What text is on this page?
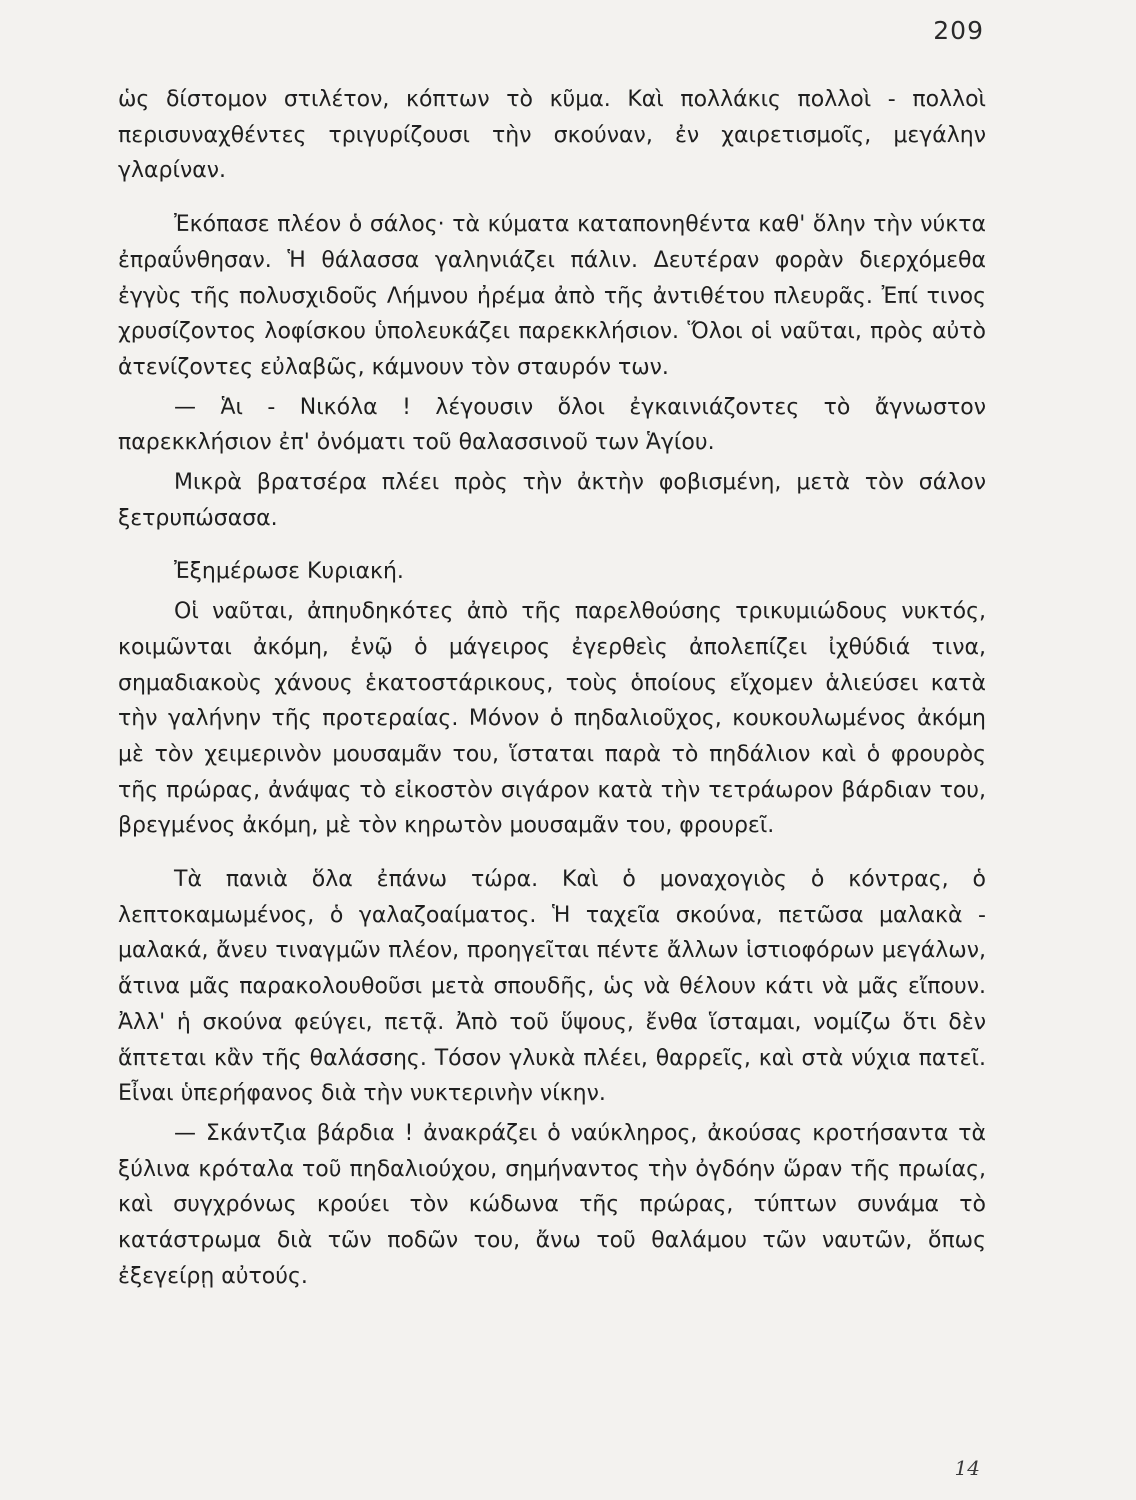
209

ὡς δίστομον στιλέτον, κόπτων τὸ κῦμα. Καὶ πολλάκις πολλοὶ - πολλοὶ περισυναχθέντες τριγυρίζουσι τὴν σκούναν, ἐν χαιρετισμοῖς, μεγάλην γλαρίναν.

Ἐκόπασε πλέον ὁ σάλος· τὰ κύματα καταπονηθέντα καθ' ὅλην τὴν νύκτα ἐπραΰνθησαν. Ἡ θάλασσα γαληνιάζει πάλιν. Δευτέραν φορὰν διερχόμεθα ἐγγὺς τῆς πολυσχιδοῦς Λήμνου ἠρέμα ἀπὸ τῆς ἀντιθέτου πλευρᾶς. Ἐπί τινος χρυσίζοντος λοφίσκου ὑπολευκάζει παρεκκλήσιον. Ὅλοι οἱ ναῦται, πρὸς αὐτὸ ἀτενίζοντες εὐλαβῶς, κάμνουν τὸν σταυρόν των.

— Ἁι - Νικόλα ! λέγουσιν ὅλοι ἐγκαινιάζοντες τὸ ἄγνωστον παρεκκλήσιον ἐπ' ὀνόματι τοῦ θαλασσινοῦ των Ἁγίου.

Μικρὰ βρατσέρα πλέει πρὸς τὴν ἀκτὴν φοβισμένη, μετὰ τὸν σάλον ξετρυπώσασα.

Ἐξημέρωσε Κυριακή.

Οἱ ναῦται, ἀπηυδηκότες ἀπὸ τῆς παρελθούσης τρικυμιώδους νυκτός, κοιμῶνται ἀκόμη, ἐνῷ ὁ μάγειρος ἐγερθεὶς ἀπολεπίζει ἰχθύδιά τινα, σημαδιακοὺς χάνους ἑκατοστάρικους, τοὺς ὁποίους εἴχομεν ἁλιεύσει κατὰ τὴν γαλήνην τῆς προτεραίας. Μόνον ὁ πηδαλιοῦχος, κουκουλωμένος ἀκόμη μὲ τὸν χειμερινὸν μουσαμᾶν του, ἵσταται παρὰ τὸ πηδάλιον καὶ ὁ φρουρὸς τῆς πρώρας, ἀνάψας τὸ εἰκοστὸν σιγάρον κατὰ τὴν τετράωρον βάρδιαν του, βρεγμένος ἀκόμη, μὲ τὸν κηρωτὸν μουσαμᾶν του, φρουρεῖ.

Τὰ πανιὰ ὅλα ἐπάνω τώρα. Καὶ ὁ μοναχογιὸς ὁ κόντρας, ὁ λεπτοκαμωμένος, ὁ γαλαζοαίματος. Ἡ ταχεῖα σκούνα, πετῶσα μαλακὰ - μαλακά, ἄνευ τιναγμῶν πλέον, προηγεῖται πέντε ἄλλων ἱστιοφόρων μεγάλων, ἅτινα μᾶς παρακολουθοῦσι μετὰ σπουδῆς, ὡς νὰ θέλουν κάτι νὰ μᾶς εἴπουν. Ἀλλ' ἡ σκούνα φεύγει, πετᾷ. Ἀπὸ τοῦ ὕψους, ἔνθα ἵσταμαι, νομίζω ὅτι δὲν ἅπτεται κἂν τῆς θαλάσσης. Τόσον γλυκὰ πλέει, θαρρεῖς, καὶ στὰ νύχια πατεῖ. Εἶναι ὑπερήφανος διὰ τὴν νυκτερινὴν νίκην.

— Σκάντζια βάρδια ! ἀνακράζει ὁ ναύκληρος, ἀκούσας κροτήσαντα τὰ ξύλινα κρόταλα τοῦ πηδαλιούχου, σημήναντος τὴν ὀγδόην ὥραν τῆς πρωίας, καὶ συγχρόνως κρούει τὸν κώδωνα τῆς πρώρας, τύπτων συνάμα τὸ κατάστρωμα διὰ τῶν ποδῶν του, ἄνω τοῦ θαλάμου τῶν ναυτῶν, ὅπως ἐξεγείρῃ αὐτούς.

14
